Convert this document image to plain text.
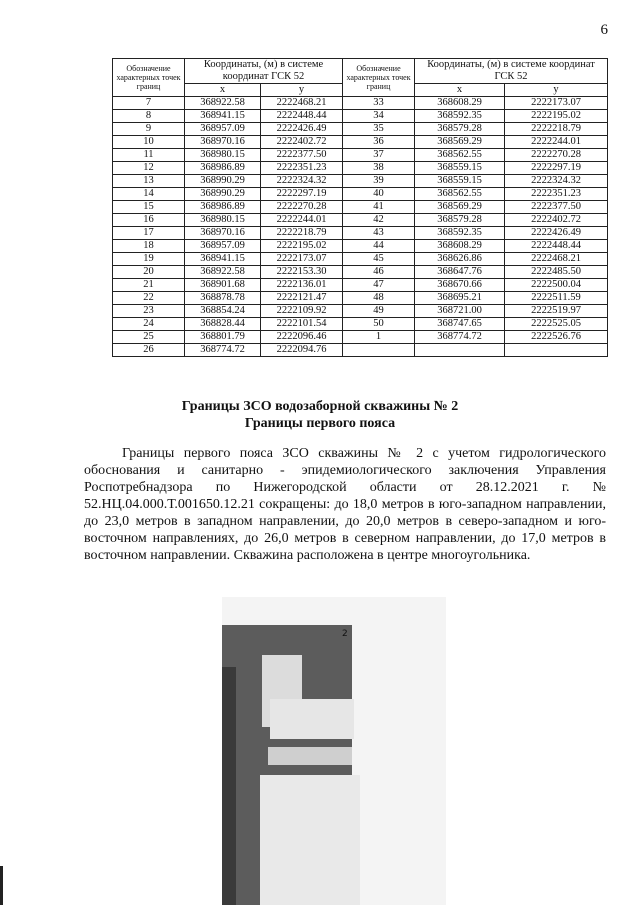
6
Обозначение характерных точек границ	Координаты, (м) в системе координат ГСК 52		Обозначение характерных точек границ	Координаты, (м) в системе координат ГСК 52	
	x	y		x	y
7	368922.58	2222468.21	33	368608.29	2222173.07
8	368941.15	2222448.44	34	368592.35	2222195.02
9	368957.09	2222426.49	35	368579.28	2222218.79
10	368970.16	2222402.72	36	368569.29	2222244.01
11	368980.15	2222377.50	37	368562.55	2222270.28
12	368986.89	2222351.23	38	368559.15	2222297.19
13	368990.29	2222324.32	39	368559.15	2222324.32
14	368990.29	2222297.19	40	368562.55	2222351.23
15	368986.89	2222270.28	41	368569.29	2222377.50
16	368980.15	2222244.01	42	368579.28	2222402.72
17	368970.16	2222218.79	43	368592.35	2222426.49
18	368957.09	2222195.02	44	368608.29	2222448.44
19	368941.15	2222173.07	45	368626.86	2222468.21
20	368922.58	2222153.30	46	368647.76	2222485.50
21	368901.68	2222136.01	47	368670.66	2222500.04
22	368878.78	2222121.47	48	368695.21	2222511.59
23	368854.24	2222109.92	49	368721.00	2222519.97
24	368828.44	2222101.54	50	368747.65	2222525.05
25	368801.79	2222096.46	1	368774.72	2222526.76
26	368774.72	2222094.76			
Границы ЗСО водозаборной скважины № 2
Границы первого пояса
Границы первого пояса ЗСО скважины № 2 с учетом гидрологического обоснования и санитарно - эпидемиологического заключения Управления Роспотребнадзора по Нижегородской области от 28.12.2021 г. № 52.НЦ.04.000.Т.001650.12.21 сокращены: до 18,0 метров в юго-западном направлении, до 23,0 метров в западном направлении, до 20,0 метров в северо-западном и юго-восточном направлениях, до 26,0 метров в северном направлении, до 17,0 метров в восточном направлении. Скважина расположена в центре многоугольника.
2
